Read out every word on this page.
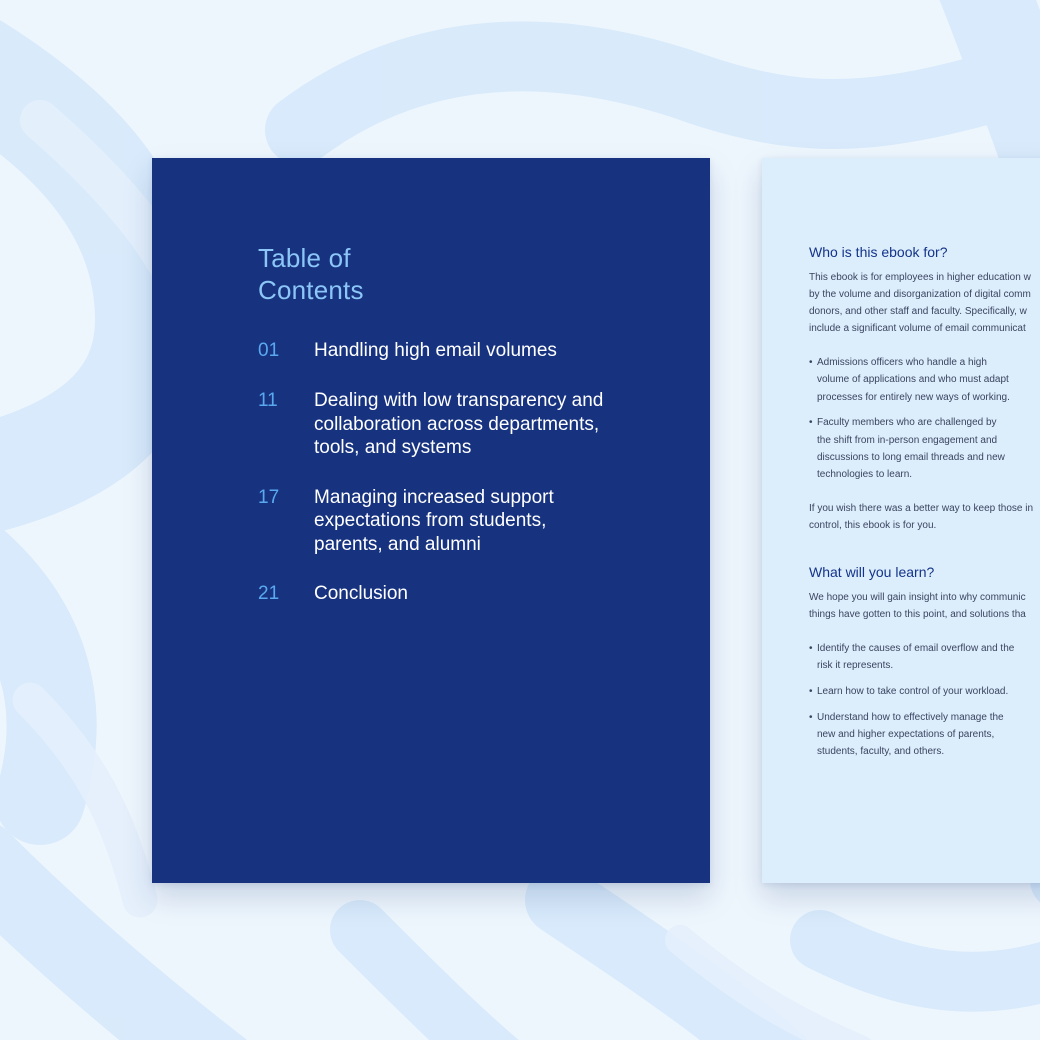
Table of
Contents
01	Handling high email volumes
11	Dealing with low transparency and
collaboration across departments,
tools, and systems
17	Managing increased support
expectations from students,
parents, and alumni
21	Conclusion
Who is this ebook for?

This ebook is for employees in higher education w
by the volume and disorganization of digital comm
donors, and other staff and faculty. Specifically, w
include a significant volume of email communicat

• Admissions officers who handle a high
volume of applications and who must adapt
processes for entirely new ways of working.
• Faculty members who are challenged by
the shift from in-person engagement and
discussions to long email threads and new
technologies to learn.

If you wish there was a better way to keep those in
control, this ebook is for you.

What will you learn?

We hope you will gain insight into why communic
things have gotten to this point, and solutions tha

• Identify the causes of email overflow and the
risk it represents.
• Learn how to take control of your workload.
• Understand how to effectively manage the
new and higher expectations of parents,
students, faculty, and others.
